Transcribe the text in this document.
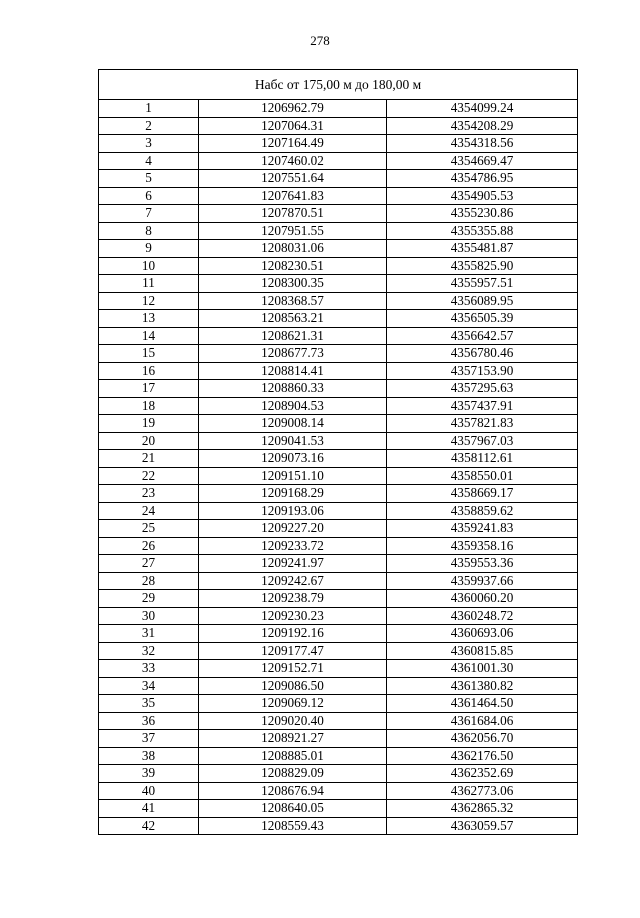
278
Набс от 175,00 м до 180,00 м		
1	1206962.79	4354099.24
2	1207064.31	4354208.29
3	1207164.49	4354318.56
4	1207460.02	4354669.47
5	1207551.64	4354786.95
6	1207641.83	4354905.53
7	1207870.51	4355230.86
8	1207951.55	4355355.88
9	1208031.06	4355481.87
10	1208230.51	4355825.90
11	1208300.35	4355957.51
12	1208368.57	4356089.95
13	1208563.21	4356505.39
14	1208621.31	4356642.57
15	1208677.73	4356780.46
16	1208814.41	4357153.90
17	1208860.33	4357295.63
18	1208904.53	4357437.91
19	1209008.14	4357821.83
20	1209041.53	4357967.03
21	1209073.16	4358112.61
22	1209151.10	4358550.01
23	1209168.29	4358669.17
24	1209193.06	4358859.62
25	1209227.20	4359241.83
26	1209233.72	4359358.16
27	1209241.97	4359553.36
28	1209242.67	4359937.66
29	1209238.79	4360060.20
30	1209230.23	4360248.72
31	1209192.16	4360693.06
32	1209177.47	4360815.85
33	1209152.71	4361001.30
34	1209086.50	4361380.82
35	1209069.12	4361464.50
36	1209020.40	4361684.06
37	1208921.27	4362056.70
38	1208885.01	4362176.50
39	1208829.09	4362352.69
40	1208676.94	4362773.06
41	1208640.05	4362865.32
42	1208559.43	4363059.57
